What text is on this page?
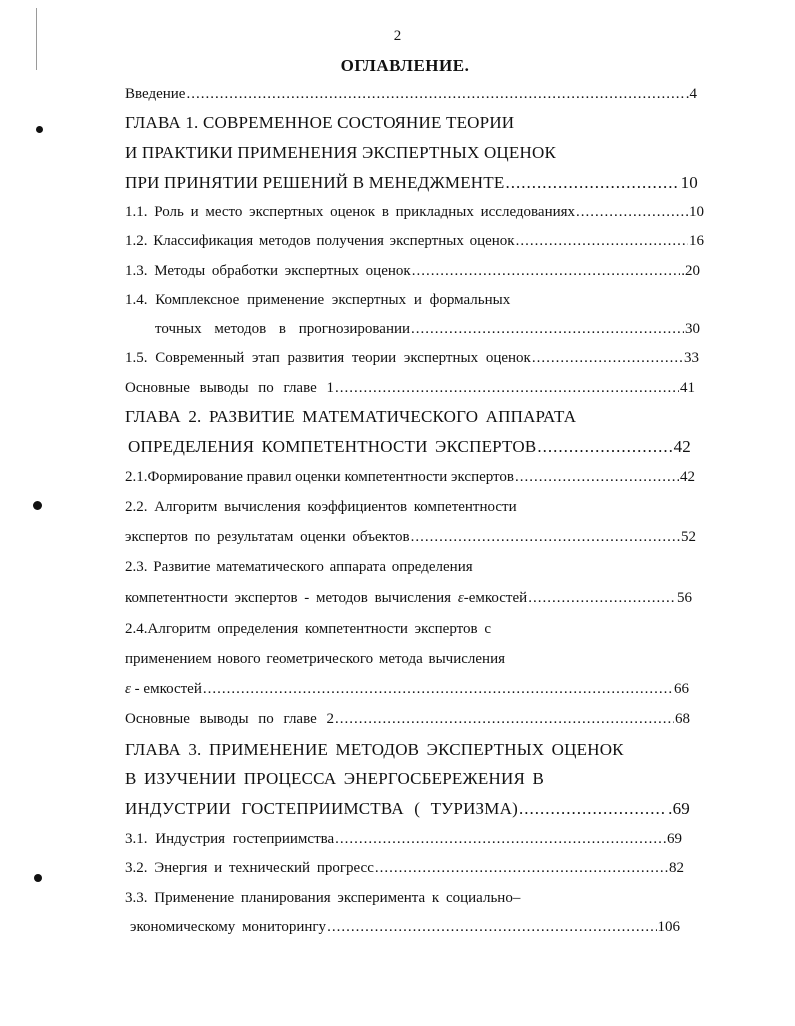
2
ОГЛАВЛЕНИЕ.
Введение .....	.4
ГЛАВА 1. СОВРЕМЕННОЕ СОСТОЯНИЕ ТЕОРИИ
И ПРАКТИКИ ПРИМЕНЕНИЯ ЭКСПЕРТНЫХ ОЦЕНОК
ПРИ ПРИНЯТИИ РЕШЕНИЙ В МЕНЕДЖМЕНТЕ .....	10
1.1. Роль и место экспертных оценок в прикладных исследованиях .....	10
1.2. Классификация методов получения экспертных оценок .....	16
1.3. Методы обработки экспертных оценок .....	.20
1.4. Комплексное применение экспертных и формальных
точных методов в прогнозировании .....	30
1.5. Современный этап развития теории экспертных оценок .....	33
Основные выводы по главе 1 .....	41
ГЛАВА 2. РАЗВИТИЕ МАТЕМАТИЧЕСКОГО АППАРАТА
ОПРЕДЕЛЕНИЯ КОМПЕТЕНТНОСТИ ЭКСПЕРТОВ .....	42
2.1.Формирование правил оценки компетентности экспертов .....	42
2.2. Алгоритм вычисления коэффициентов компетентности
экспертов по результатам оценки объектов .....	52
2.3. Развитие математического аппарата определения
компетентности экспертов - методов вычисления ε-емкостей .....	56
2.4.Алгоритм определения компетентности экспертов с
применением нового геометрического метода вычисления
ε - емкостей .....	66
Основные выводы по главе 2 .....	68
ГЛАВА 3. ПРИМЕНЕНИЕ МЕТОДОВ ЭКСПЕРТНЫХ ОЦЕНОК
В ИЗУЧЕНИИ ПРОЦЕССА ЭНЕРГОСБЕРЕЖЕНИЯ В
ИНДУСТРИИ ГОСТЕПРИИМСТВА ( ТУРИЗМА) .....	.69
3.1. Индустрия гостеприимства .....	69
3.2. Энергия и технический прогресс .....	82
3.3. Применение планирования эксперимента к социально–
экономическому мониторингу .....	106
